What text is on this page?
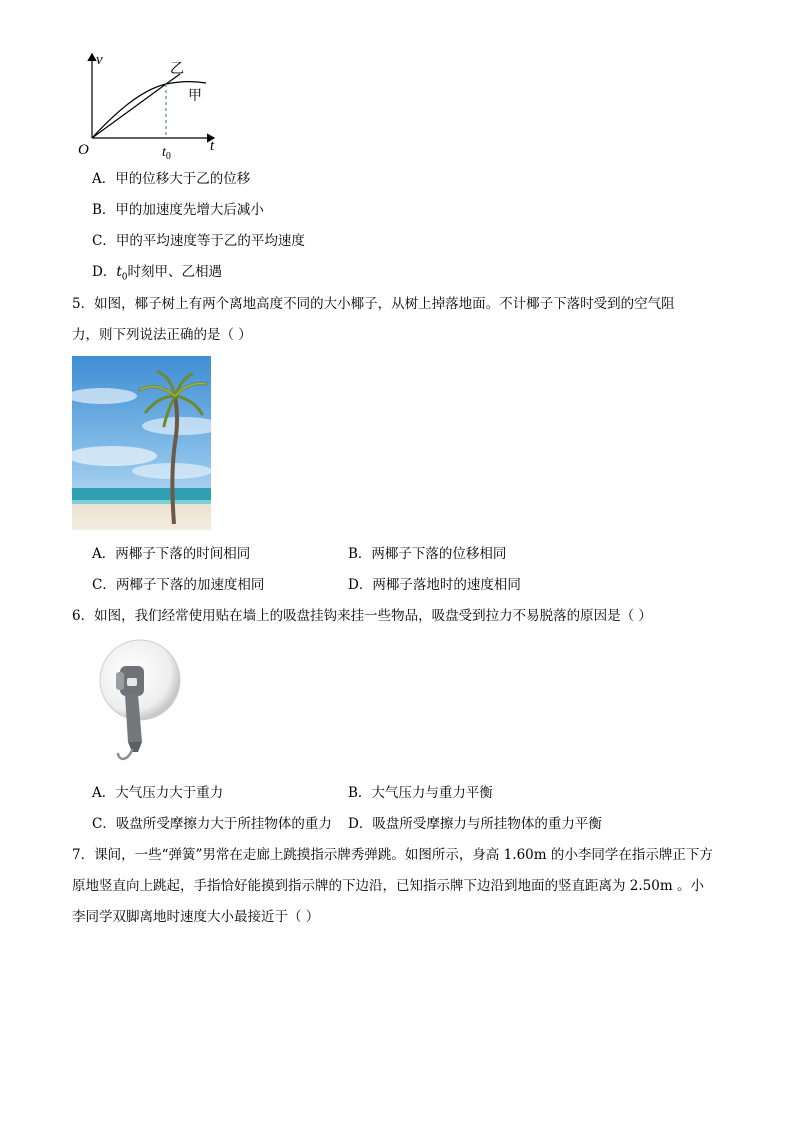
v
t
O	$t_0$
乙
甲
A．甲的位移大于乙的位移
B．甲的加速度先增大后减小
C．甲的平均速度等于乙的平均速度
D．$t_0$时刻甲、乙相遇
5．如图，椰子树上有两个离地高度不同的大小椰子，从树上掉落地面。不计椰子下落时受到的空气阻
力，则下列说法正确的是（ ）
A．两椰子下落的时间相同	B．两椰子下落的位移相同
C．两椰子下落的加速度相同	D．两椰子落地时的速度相同
6．如图，我们经常使用贴在墙上的吸盘挂钩来挂一些物品，吸盘受到拉力不易脱落的原因是（ ）
A．大气压力大于重力	B．大气压力与重力平衡
C．吸盘所受摩擦力大于所挂物体的重力 D．吸盘所受摩擦力与所挂物体的重力平衡
7．课间，一些“弹簧”男常在走廊上跳摸指示牌秀弹跳。如图所示，身高 1.60m 的小李同学在指示牌正下方
原地竖直向上跳起，手指恰好能摸到指示牌的下边沿，已知指示牌下边沿到地面的竖直距离为 2.50m 。小
李同学双脚离地时速度大小最接近于（ ）
